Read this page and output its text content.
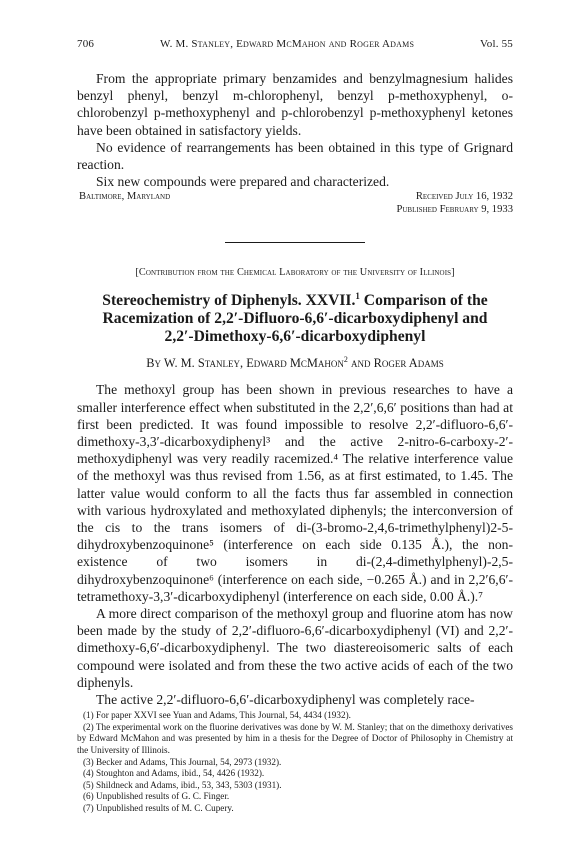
706	W. M. Stanley, Edward McMahon and Roger Adams	Vol. 55

From the appropriate primary benzamides and benzylmagnesium halides benzyl phenyl, benzyl m-chlorophenyl, benzyl p-methoxyphenyl, o-chlorobenzyl p-methoxyphenyl and p-chlorobenzyl p-methoxyphenyl ketones have been obtained in satisfactory yields.

No evidence of rearrangements has been obtained in this type of Grignard reaction.

Six new compounds were prepared and characterized.

Baltimore, Maryland	Received July 16, 1932
Published February 9, 1933
[Contribution from the Chemical Laboratory of the University of Illinois]
Stereochemistry of Diphenyls. XXVII.$^1$ Comparison of the
Racemization of 2,2′-Difluoro-6,6′-dicarboxydiphenyl and
2,2′-Dimethoxy-6,6′-dicarboxydiphenyl
By W. M. Stanley, Edward McMahon$^2$ and Roger Adams

The methoxyl group has been shown in previous researches to have a smaller interference effect when substituted in the 2,2′,6,6′ positions than had at first been predicted. It was found impossible to resolve 2,2′-difluoro-6,6′-dimethoxy-3,3′-dicarboxydiphenyl³ and the active 2-nitro-6-carboxy-2′-methoxydiphenyl was very readily racemized.⁴ The relative interference value of the methoxyl was thus revised from 1.56, as at first estimated, to 1.45. The latter value would conform to all the facts thus far assembled in connection with various hydroxylated and methoxylated diphenyls; the interconversion of the cis to the trans isomers of di-(3-bromo-2,4,6-trimethylphenyl)2-5-dihydroxybenzoquinone⁵ (interference on each side 0.135 Å.), the non-existence of two isomers in di-(2,4-dimethylphenyl)-2,5-dihydroxybenzoquinone⁶ (interference on each side, −0.265 Å.) and in 2,2′6,6′-tetramethoxy-3,3′-dicarboxydiphenyl (interference on each side, 0.00 Å.).⁷

A more direct comparison of the methoxyl group and fluorine atom has now been made by the study of 2,2′-difluoro-6,6′-dicarboxydiphenyl (VI) and 2,2′-dimethoxy-6,6′-dicarboxydiphenyl. The two diastereoisomeric salts of each compound were isolated and from these the two active acids of each of the two diphenyls.

The active 2,2′-difluoro-6,6′-dicarboxydiphenyl was completely race-

(1) For paper XXVI see Yuan and Adams, This Journal, 54, 4434 (1932).
(2) The experimental work on the fluorine derivatives was done by W. M. Stanley; that on the dimethoxy derivatives by Edward McMahon and was presented by him in a thesis for the Degree of Doctor of Philosophy in Chemistry at the University of Illinois.
(3) Becker and Adams, This Journal, 54, 2973 (1932).
(4) Stoughton and Adams, ibid., 54, 4426 (1932).
(5) Shildneck and Adams, ibid., 53, 343, 5303 (1931).
(6) Unpublished results of G. C. Finger.
(7) Unpublished results of M. C. Cupery.
